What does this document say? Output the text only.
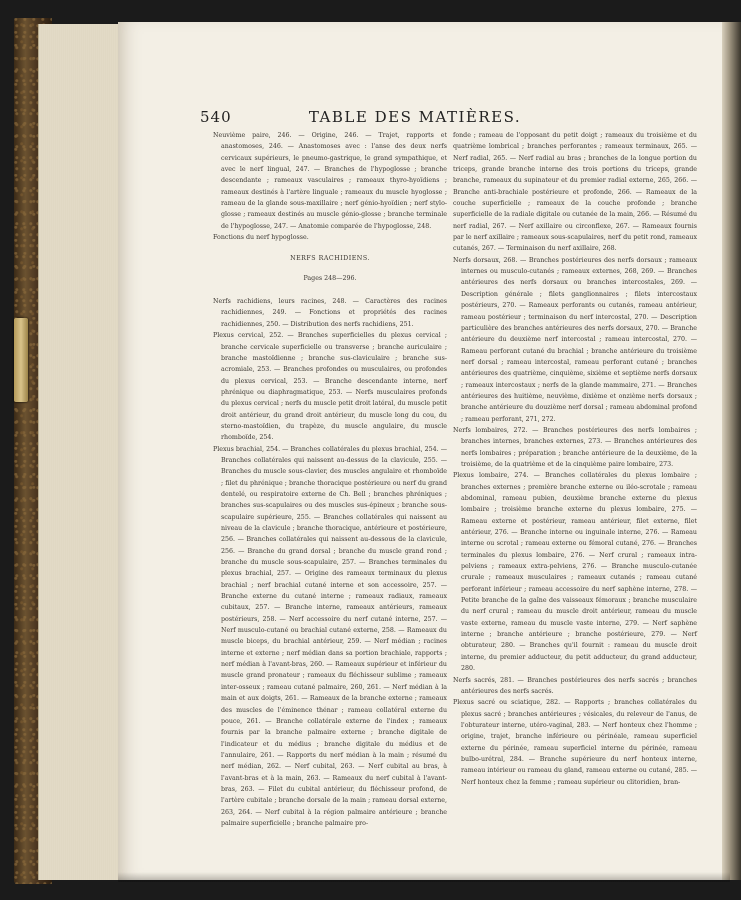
540	TABLE DES MATIÈRES.

Neuvième paire, 246. — Origine, 246. — Trajet, rapports et anastomoses, 246. — Anastomoses avec : l'anse des deux nerfs cervicaux supérieurs, le pneumo-gastrique, le grand sympathique, et avec le nerf lingual, 247. — Branches de l'hypoglosse ; branche descendante ; rameaux vasculaires ; rameaux thyro-hyoïdiens ; rameaux destinés à l'artère linguale ; rameaux du muscle hyoglosse ; rameau de la glande sous-maxillaire ; nerf génio-hyoïdien ; nerf stylo-glosse ; rameaux destinés au muscle génio-glosse ; branche terminale de l'hypoglosse, 247. — Anatomie comparée de l'hypoglosse, 248.

Fonctions du nerf hypoglosse.

NERFS RACHIDIENS.

Pages 248—296.

Nerfs rachidiens, leurs racines, 248. — Caractères des racines rachidiennes, 249. — Fonctions et propriétés des racines rachidiennes, 250. — Distribution des nerfs rachidiens, 251.

Plexus cervical, 252. — Branches superficielles du plexus cervical ; branche cervicale superficielle ou transverse ; branche auriculaire ; branche mastoïdienne ; branche sus-claviculaire ; branche sus-acromiale, 253. — Branches profondes ou musculaires, ou profondes du plexus cervical, 253. — Branche descendante interne, nerf phrénique ou diaphragmatique, 253. — Nerfs musculaires profonds du plexus cervical ; nerfs du muscle petit droit latéral, du muscle petit droit antérieur, du grand droit antérieur, du muscle long du cou, du sterno-mastoïdien, du trapèze, du muscle angulaire, du muscle rhomboïde, 254.

Plexus brachial, 254. — Branches collatérales du plexus brachial, 254. — Branches collatérales qui naissent au-dessus de la clavicule, 255. — Branches du muscle sous-clavier, des muscles angulaire et rhomboïde ; filet du phrénique ; branche thoracique postérieure ou nerf du grand dentelé, ou respiratoire externe de Ch. Bell ; branches phréniques ; branches sus-scapulaires ou des muscles sus-épineux ; branche sous-scapulaire supérieure, 255. — Branches collatérales qui naissent au niveau de la clavicule ; branche thoracique, antérieure et postérieure, 256. — Branches collatérales qui naissent au-dessous de la clavicule, 256. — Branche du grand dorsal ; branche du muscle grand rond ; branche du muscle sous-scapulaire, 257. — Branches terminales du plexus brachial, 257. — Origine des rameaux terminaux du plexus brachial ; nerf brachial cutané interne et son accessoire, 257. — Branche externe du cutané interne ; rameaux radiaux, rameaux cubitaux, 257. — Branche interne, rameaux antérieurs, rameaux postérieurs, 258. — Nerf accessoire du nerf cutané interne, 257. — Nerf musculo-cutané ou brachial cutané externe, 258. — Rameaux du muscle biceps, du brachial antérieur, 259. — Nerf médian ; racines interne et externe ; nerf médian dans sa portion brachiale, rapports ; nerf médian à l'avant-bras, 260. — Rameaux supérieur et inférieur du muscle grand pronateur ; rameaux du fléchisseur sublime ; rameaux inter-osseux ; rameau cutané palmaire, 260, 261. — Nerf médian à la main et aux doigts, 261. — Rameaux de la branche externe ; rameaux des muscles de l'éminence thénar ; rameau collatéral externe du pouce, 261. — Branche collatérale externe de l'index ; rameaux fournis par la branche palmaire externe ; branche digitale de l'indicateur et du médius ; branche digitale du médius et de l'annulaire, 261. — Rapports du nerf médian à la main ; résumé du nerf médian, 262. — Nerf cubital, 263. — Nerf cubital au bras, à l'avant-bras et à la main, 263. — Rameaux du nerf cubital à l'avant-bras, 263. — Filet du cubital antérieur, du fléchisseur profond, de l'artère cubitale ; branche dorsale de la main ; rameau dorsal externe, 263, 264. — Nerf cubital à la région palmaire antérieure ; branche palmaire superficielle ; branche palmaire pro-

fonde ; rameau de l'opposant du petit doigt ; rameaux du troisième et du quatrième lombrical ; branches perforantes ; rameaux terminaux, 265. — Nerf radial, 265. — Nerf radial au bras ; branches de la longue portion du triceps, grande branche interne des trois portions du triceps, grande branche, rameaux du supinateur et du premier radial externe, 265, 266. — Branche anti-brachiale postérieure et profonde, 266. — Rameaux de la couche superficielle ; rameaux de la couche profonde ; branche superficielle de la radiale digitale ou cutanée de la main, 266. — Résumé du nerf radial, 267. — Nerf axillaire ou circonflexe, 267. — Rameaux fournis par le nerf axillaire ; rameaux sous-scapulaires, nerf du petit rond, rameaux cutanés, 267. — Terminaison du nerf axillaire, 268.

Nerfs dorsaux, 268. — Branches postérieures des nerfs dorsaux ; rameaux internes ou musculo-cutanés ; rameaux externes, 268, 269. — Branches antérieures des nerfs dorsaux ou branches intercostales, 269. — Description générale ; filets ganglionnaires ; filets intercostaux postérieurs, 270. — Rameaux perforants ou cutanés, rameau antérieur, rameau postérieur ; terminaison du nerf intercostal, 270. — Description particulière des branches antérieures des nerfs dorsaux, 270. — Branche antérieure du deuxième nerf intercostal ; rameau intercostal, 270. — Rameau perforant cutané du brachial ; branche antérieure du troisième nerf dorsal ; rameau intercostal, rameau perforant cutané ; branches antérieures des quatrième, cinquième, sixième et septième nerfs dorsaux ; rameaux intercostaux ; nerfs de la glande mammaire, 271. — Branches antérieures des huitième, neuvième, dixième et onzième nerfs dorsaux ; branche antérieure du douzième nerf dorsal ; rameau abdominal profond ; rameau perforant, 271, 272.

Nerfs lombaires, 272. — Branches postérieures des nerfs lombaires ; branches internes, branches externes, 273. — Branches antérieures des nerfs lombaires ; préparation ; branche antérieure de la deuxième, de la troisième, de la quatrième et de la cinquième paire lombaire, 273.

Plexus lombaire, 274. — Branches collatérales du plexus lombaire ; branches externes ; première branche externe ou iléo-scrotale ; rameau abdominal, rameau pubien, deuxième branche externe du plexus lombaire ; troisième branche externe du plexus lombaire, 275. — Rameau externe et postérieur, rameau antérieur, filet externe, filet antérieur, 276. — Branche interne ou inguinale interne, 276. — Rameau interne ou scrotal ; rameau externe ou fémoral cutané, 276. — Branches terminales du plexus lombaire, 276. — Nerf crural ; rameaux intra-pelviens ; rameaux extra-pelviens, 276. — Branche musculo-cutanée crurale ; rameaux musculaires ; rameaux cutanés ; rameau cutané perforant inférieur ; rameau accessoire du nerf saphène interne, 278. — Petite branche de la gaîne des vaisseaux fémoraux ; branche musculaire du nerf crural ; rameau du muscle droit antérieur, rameau du muscle vaste externe, rameau du muscle vaste interne, 279. — Nerf saphène interne ; branche antérieure ; branche postérieure, 279. — Nerf obturateur, 280. — Branches qu'il fournit : rameau du muscle droit interne, du premier adducteur, du petit adducteur, du grand adducteur, 280.

Nerfs sacrés, 281. — Branches postérieures des nerfs sacrés ; branches antérieures des nerfs sacrés.

Plexus sacré ou sciatique, 282. — Rapports ; branches collatérales du plexus sacré ; branches antérieures ; vésicales, du releveur de l'anus, de l'obturateur interne, utéro-vaginal, 283. — Nerf honteux chez l'homme ; origine, trajet, branche inférieure ou périnéale, rameau superficiel externe du périnée, rameau superficiel interne du périnée, rameau bulbo-urétral, 284. — Branche supérieure du nerf honteux interne, rameau intérieur ou rameau du gland, rameau externe ou cutané, 285. — Nerf honteux chez la femme ; rameau supérieur ou clitoridien, bran-
